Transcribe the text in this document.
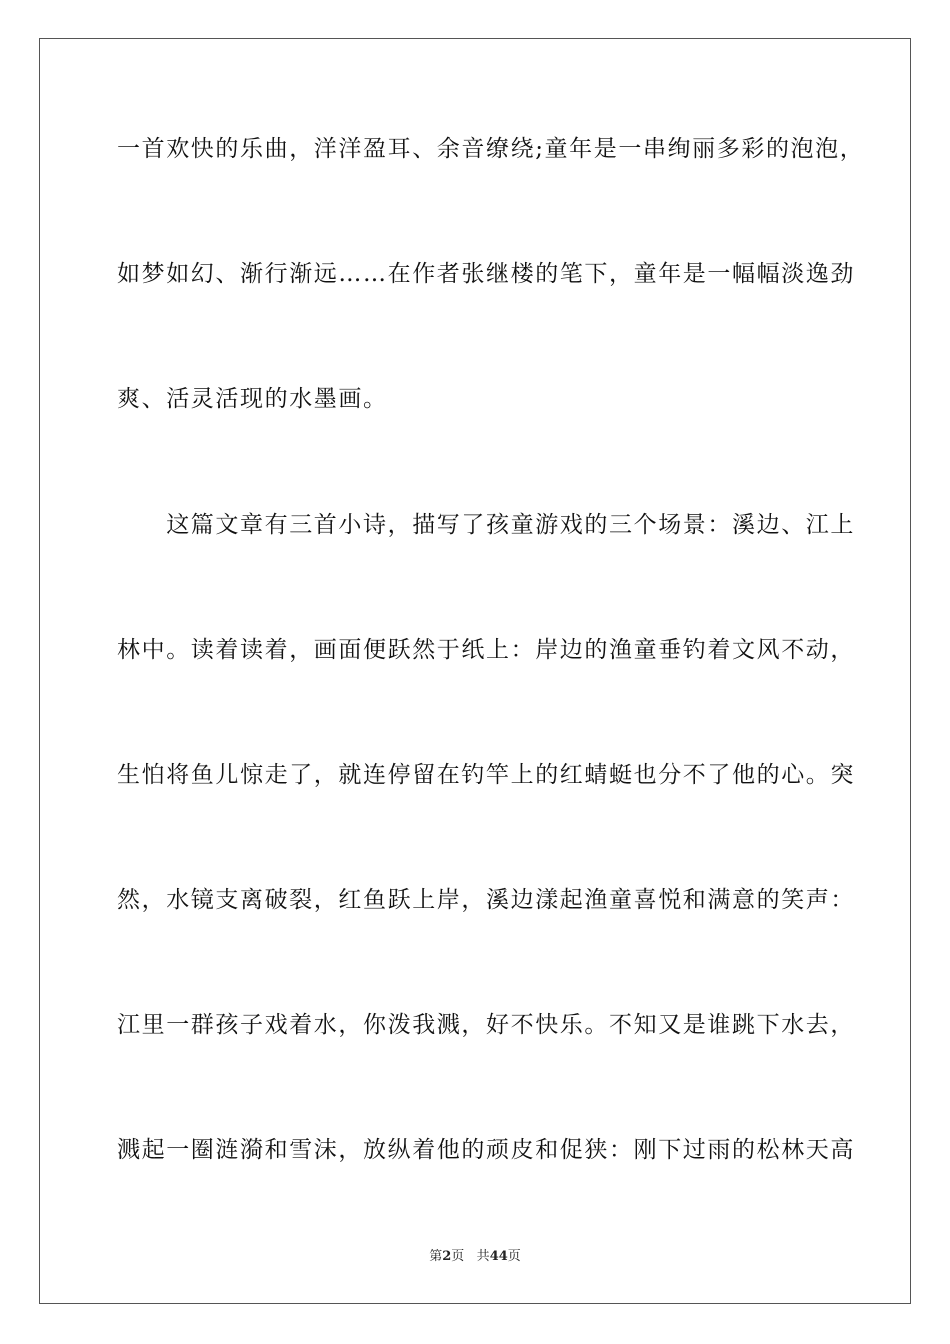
一首欢快的乐曲，洋洋盈耳、余音缭绕;童年是一串绚丽多彩的泡泡，
如梦如幻、渐行渐远……在作者张继楼的笔下，童年是一幅幅淡逸劲
爽、活灵活现的水墨画。
　　这篇文章有三首小诗，描写了孩童游戏的三个场景：溪边、江上
林中。读着读着，画面便跃然于纸上：岸边的渔童垂钓着文风不动，
生怕将鱼儿惊走了，就连停留在钓竿上的红蜻蜓也分不了他的心。突
然，水镜支离破裂，红鱼跃上岸，溪边漾起渔童喜悦和满意的笑声：
江里一群孩子戏着水，你泼我溅，好不快乐。不知又是谁跳下水去，
溅起一圈涟漪和雪沫，放纵着他的顽皮和促狭：刚下过雨的松林天高
第2页 共44页
